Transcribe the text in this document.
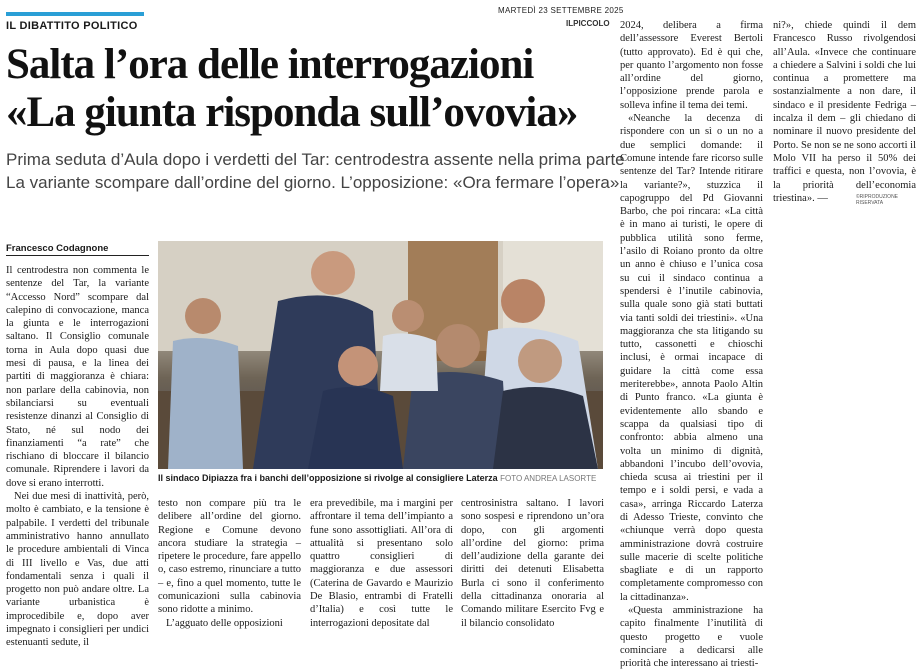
IL DIBATTITO POLITICO
MARTEDÌ 23 SETTEMBRE 2025
ILPICCOLO
Salta l’ora delle interrogazioni
«La giunta risponda sull’ovovia»
Prima seduta d’Aula dopo i verdetti del Tar: centrodestra assente nella prima parte
La variante scompare dall’ordine del giorno. L’opposizione: «Ora fermare l’opera»
Francesco Codagnone

Il centrodestra non commenta le sentenze del Tar, la variante “Accesso Nord” scompare dal calepino di convocazione, manca la giunta e le interrogazioni saltano. Il Consiglio comunale torna in Aula dopo quasi due mesi di pausa, e la linea dei partiti di maggioranza è chiara: non parlare della cabinovia, non sbilanciarsi su eventuali resistenze dinanzi al Consiglio di Stato, né sul nodo dei finanziamenti “a rate” che rischiano di bloccare il bilancio comunale. Riprendere i lavori da dove si erano interrotti.

Nei due mesi di inattività, però, molto è cambiato, e la tensione è palpabile. I verdetti del tribunale amministrativo hanno annullato le procedure ambientali di Vinca di III livello e Vas, due atti fondamentali senza i quali il progetto non può andare oltre. La variante urbanistica è improcedibile e, dopo aver impegnato i consiglieri per undici estenuanti sedute, il

Il sindaco Dipiazza fra i banchi dell’opposizione si rivolge al consigliere Laterza FOTO ANDREA LASORTE

testo non compare più tra le delibere all’ordine del giorno. Regione e Comune devono ancora studiare la strategia – ripetere le procedure, fare appello o, caso estremo, rinunciare a tutto – e, fino a quel momento, tutte le comunicazioni sulla cabinovia sono ridotte a minimo.

L’agguato delle opposizioni

era prevedibile, ma i margini per affrontare il tema dell’impianto a fune sono assottigliati. All’ora di attualità si presentano solo quattro consiglieri di maggioranza e due assessori (Caterina de Gavardo e Maurizio De Blasio, entrambi di Fratelli d’Italia) e così tutte le interrogazioni depositate dal

centrosinistra saltano. I lavori sono sospesi e riprendono un’ora dopo, con gli argomenti all’ordine del giorno: prima dell’audizione della garante dei diritti dei detenuti Elisabetta Burla ci sono il conferimento della cittadinanza onoraria al Comando militare Esercito Fvg e il bilancio consolidato

2024, delibera a firma dell’assessore Everest Bertoli (tutto approvato). Ed è qui che, per quanto l’argomento non fosse all’ordine del giorno, l’opposizione prende parola e solleva infine il tema dei temi.

«Neanche la decenza di rispondere con un sì o un no a due semplici domande: il Comune intende fare ricorso sulle sentenze del Tar? Intende ritirare la variante?», stuzzica il capogruppo del Pd Giovanni Barbo, che poi rincara: «La città è in mano ai turisti, le opere di pubblica utilità sono ferme, l’asilo di Roiano pronto da oltre un anno è chiuso e l’unica cosa su cui il sindaco continua a spendersi è l’inutile cabinovia, sulla quale sono già stati buttati via tanti soldi dei triestini». «Una maggioranza che sta litigando su tutto, cassonetti e chioschi inclusi, è ormai incapace di guidare la città come essa meriterebbe», annota Paolo Altin di Punto franco. «La giunta è evidentemente allo sbando e scappa da qualsiasi tipo di confronto: abbia almeno una volta un minimo di dignità, abbandoni l’incubo dell’ovovia, chieda scusa ai triestini per il tempo e i soldi persi, e vada a casa», arringa Riccardo Laterza di Adesso Trieste, convinto che «chiunque verrà dopo questa amministrazione dovrà costruire sulle macerie di scelte politiche sbagliate e di un rapporto completamente compromesso con la cittadinanza».

«Questa amministrazione ha capito finalmente l’inutilità di questo progetto e vuole cominciare a dedicarsi alle priorità che interessano ai triesti-

ni?», chiede quindi il dem Francesco Russo rivolgendosi all’Aula. «Invece che continuare a chiedere a Salvini i soldi che lui continua a promettere ma sostanzialmente a non dare, il sindaco e il presidente Fedriga – incalza il dem – gli chiedano di nominare il nuovo presidente del Porto. Se non se ne sono accorti il Molo VII ha perso il 50% dei traffici e questa, non l’ovovia, è la priorità dell’economia triestina». —	©RIPRODUZIONE RISERVATA
